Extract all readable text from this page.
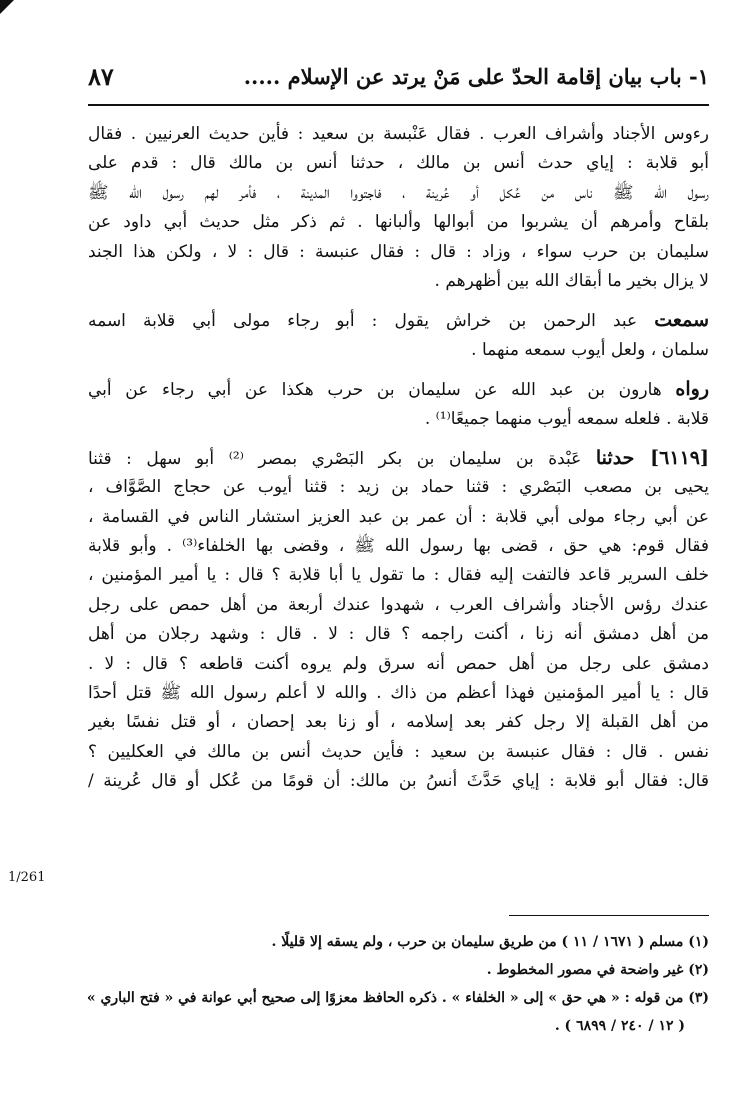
١- باب بيان إقامة الحدّ على مَنْ يرتد عن الإسلام .....
٨٧
رءوس الأجناد وأشراف العرب . فقال عَنْبسة بن سعيد : فأين حديث العرنيين . فقال
أبو قلابة : إياي حدث أنس بن مالك ، حدثنا أنس بن مالك قال : قدم على
رسول الله ﷺ ناس من عُكل أو عُرينة ، فاجتووا المدينة ، فأمر لهم رسول الله ﷺ
بلقاح وأمرهم أن يشربوا من أبوالها وألبانها . ثم ذكر مثل حديث أبي داود عن
سليمان بن حرب سواء ، وزاد : قال : فقال عنبسة : قال : لا ، ولكن هذا الجند
لا يزال بخير ما أبقاك الله بين أظهرهم .
سمعت عبد الرحمن بن خراش يقول : أبو رجاء مولى أبي قلابة اسمه
سلمان ، ولعل أيوب سمعه منهما .
رواه هارون بن عبد الله عن سليمان بن حرب هكذا عن أبي رجاء عن أبي
قلابة . فلعله سمعه أيوب منهما جميعًا⁽¹⁾ .
[٦١١٩] حدثنا عَبْدة بن سليمان بن بكر البَصْري بمصر ⁽²⁾ أبو سهل : قثنا
يحيى بن مصعب البَصْري : قثنا حماد بن زيد : قثنا أيوب عن حجاج الصَّوَّاف ،
عن أبي رجاء مولى أبي قلابة : أن عمر بن عبد العزيز استشار الناس في القسامة ،
فقال قوم: هي حق ، قضى بها رسول الله ﷺ ، وقضى بها الخلفاء⁽³⁾ . وأبو قلابة
خلف السرير قاعد فالتفت إليه فقال : ما تقول يا أبا قلابة ؟ قال : يا أمير المؤمنين ،
عندك رؤس الأجناد وأشراف العرب ، شهدوا عندك أربعة من أهل حمص على رجل
من أهل دمشق أنه زنا ، أكنت راجمه ؟ قال : لا . قال : وشهد رجلان من أهل
دمشق على رجل من أهل حمص أنه سرق ولم يروه أكنت قاطعه ؟ قال : لا .
قال : يا أمير المؤمنين فهذا أعظم من ذاك . والله لا أعلم رسول الله ﷺ قتل أحدًا
من أهل القبلة إلا رجل كفر بعد إسلامه ، أو زنا بعد إحصان ، أو قتل نفسًا بغير
نفس . قال : فقال عنبسة بن سعيد : فأين حديث أنس بن مالك في العكليين ؟
قال: فقال أبو قلابة : إياي حَدَّثَ أنسُ بن مالك: أن قومًا من عُكل أو قال عُرينة /
1/261
(١) مسلم ( ١٦٧١ / ١١ ) من طريق سليمان بن حرب ، ولم يسقه إلا قليلًا .
(٢) غير واضحة في مصور المخطوط .
(٣) من قوله : « هي حق » إلى « الخلفاء » . ذكره الحافظ معزوًا إلى صحيح أبي عوانة في « فتح الباري »
( ١٢ / ٢٤٠ / ٦٨٩٩ ) .
